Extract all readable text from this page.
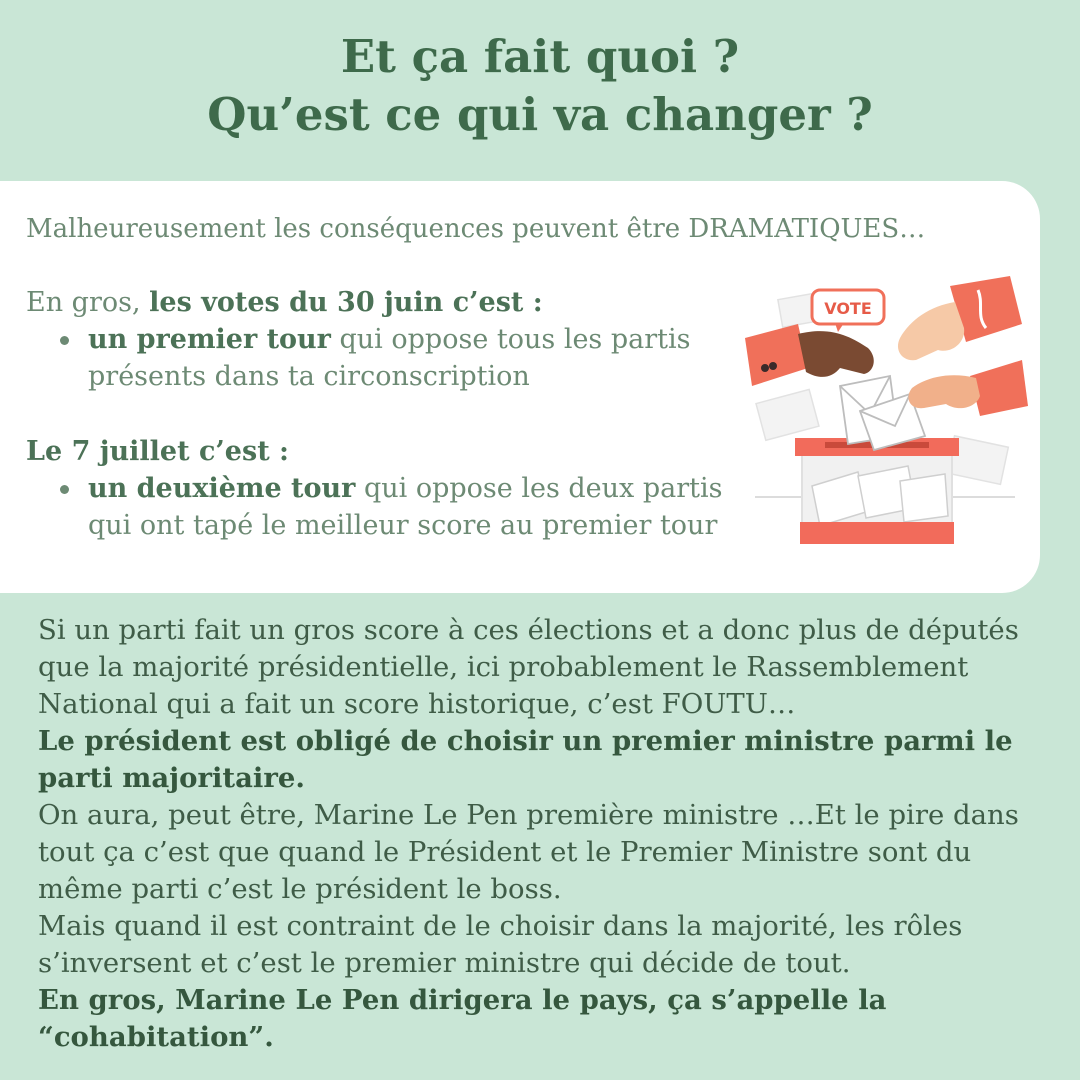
Et ça fait quoi ?
Qu’est ce qui va changer ?

Malheureusement les conséquences peuvent être DRAMATIQUES…

En gros, les votes du 30 juin c’est :

un premier tour qui oppose tous les partis
présents dans ta circonscription

Le 7 juillet c’est :

un deuxième tour qui oppose les deux partis
qui ont tapé le meilleur score au premier tour
VOTE

Si un parti fait un gros score à ces élections et a donc plus de députés que la majorité présidentielle, ici probablement le Rassemblement National qui a fait un score historique, c’est FOUTU…

Le président est obligé de choisir un premier ministre parmi le parti majoritaire.

On aura, peut être, Marine Le Pen première ministre …Et le pire dans tout ça c’est que quand le Président et le Premier Ministre sont du même parti c’est le président le boss.

Mais quand il est contraint de le choisir dans la majorité, les rôles s’inversent et c’est le premier ministre qui décide de tout.

En gros, Marine Le Pen dirigera le pays, ça s’appelle la “cohabitation”.
